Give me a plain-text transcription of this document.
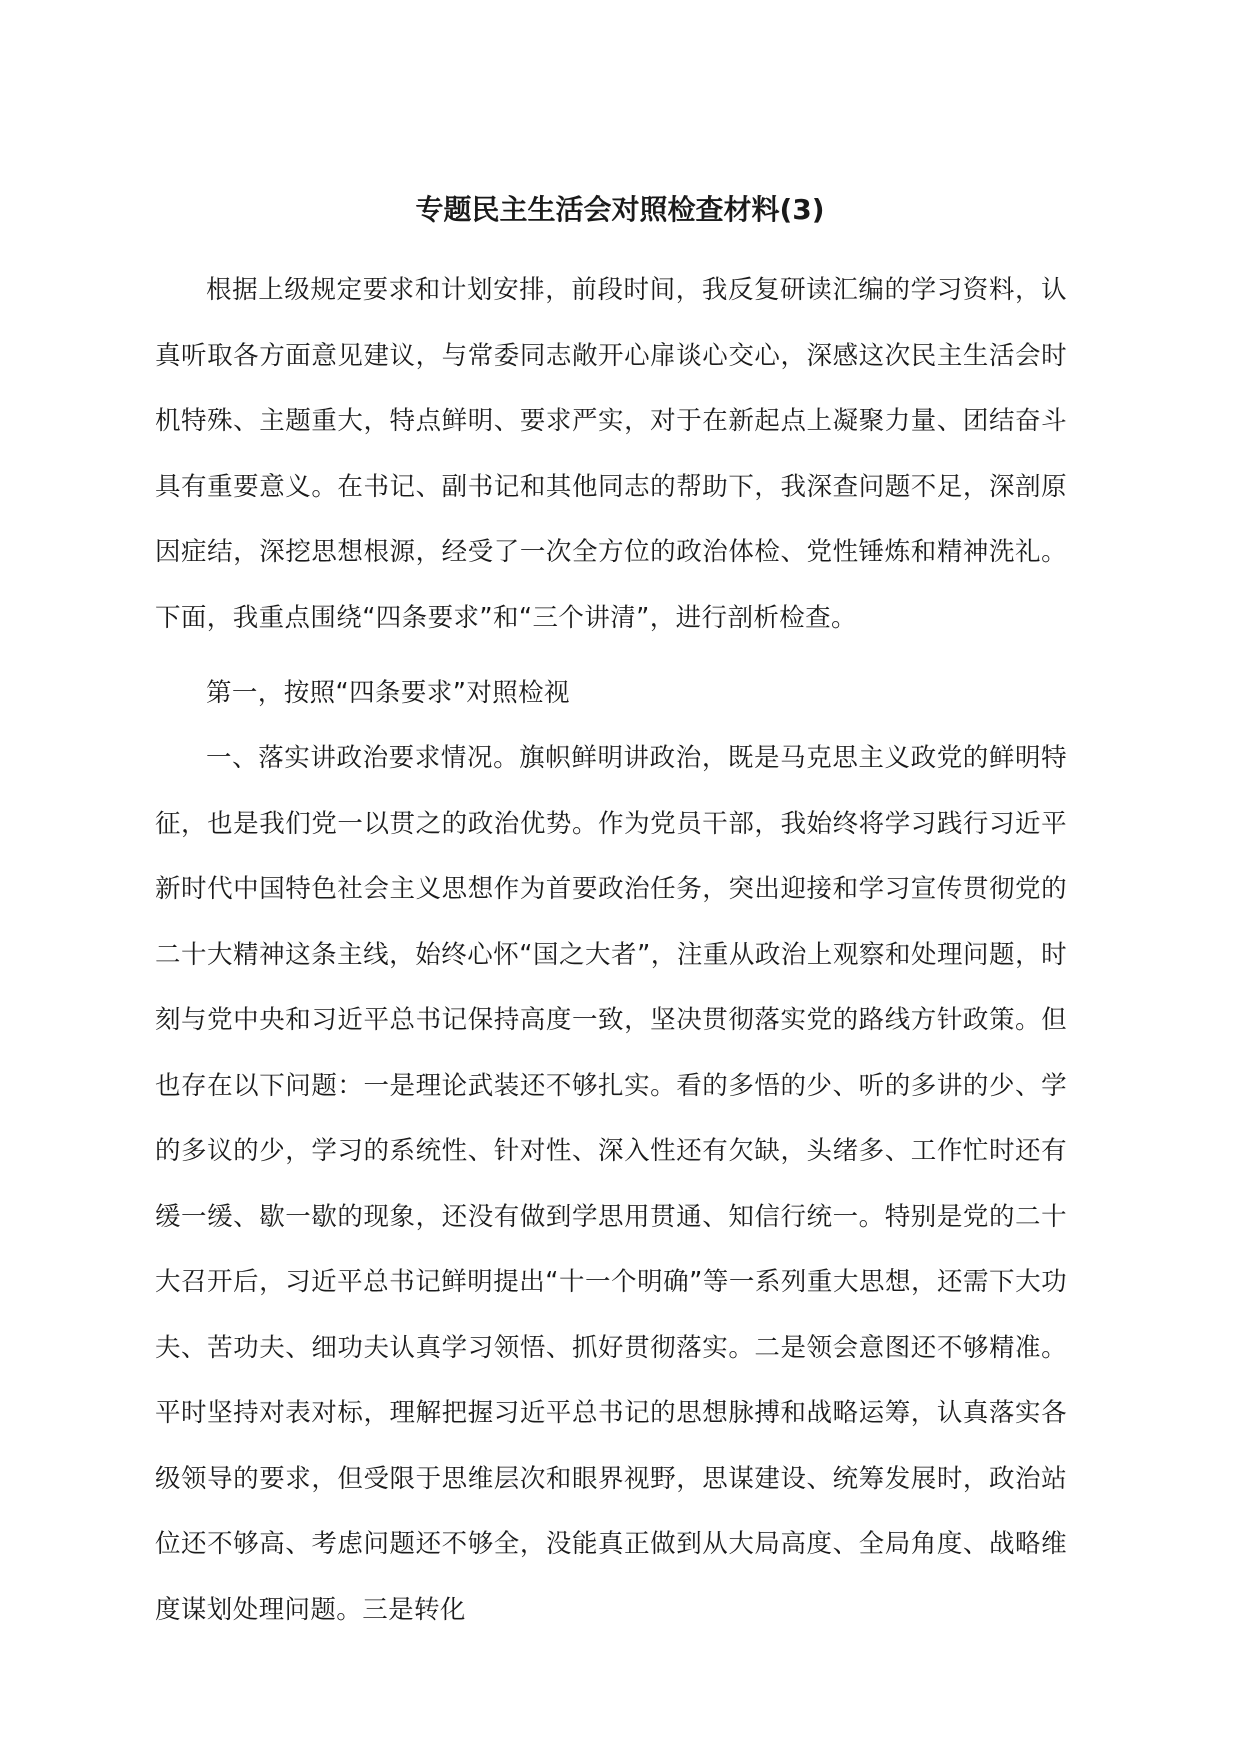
专题民主生活会对照检查材料(3)

根据上级规定要求和计划安排，前段时间，我反复研读汇编的学习资料，认真听取各方面意见建议，与常委同志敞开心扉谈心交心，深感这次民主生活会时机特殊、主题重大，特点鲜明、要求严实，对于在新起点上凝聚力量、团结奋斗具有重要意义。在书记、副书记和其他同志的帮助下，我深查问题不足，深剖原因症结，深挖思想根源，经受了一次全方位的政治体检、党性锤炼和精神洗礼。下面，我重点围绕“四条要求”和“三个讲清”，进行剖析检查。

第一，按照“四条要求”对照检视

一、落实讲政治要求情况。旗帜鲜明讲政治，既是马克思主义政党的鲜明特征，也是我们党一以贯之的政治优势。作为党员干部，我始终将学习践行习近平新时代中国特色社会主义思想作为首要政治任务，突出迎接和学习宣传贯彻党的二十大精神这条主线，始终心怀“国之大者”，注重从政治上观察和处理问题，时刻与党中央和习近平总书记保持高度一致，坚决贯彻落实党的路线方针政策。但也存在以下问题：一是理论武装还不够扎实。看的多悟的少、听的多讲的少、学的多议的少，学习的系统性、针对性、深入性还有欠缺，头绪多、工作忙时还有缓一缓、歇一歇的现象，还没有做到学思用贯通、知信行统一。特别是党的二十大召开后，习近平总书记鲜明提出“十一个明确”等一系列重大思想，还需下大功夫、苦功夫、细功夫认真学习领悟、抓好贯彻落实。二是领会意图还不够精准。平时坚持对表对标，理解把握习近平总书记的思想脉搏和战略运筹，认真落实各级领导的要求，但受限于思维层次和眼界视野，思谋建设、统筹发展时，政治站位还不够高、考虑问题还不够全，没能真正做到从大局高度、全局角度、战略维度谋划处理问题。三是转化
